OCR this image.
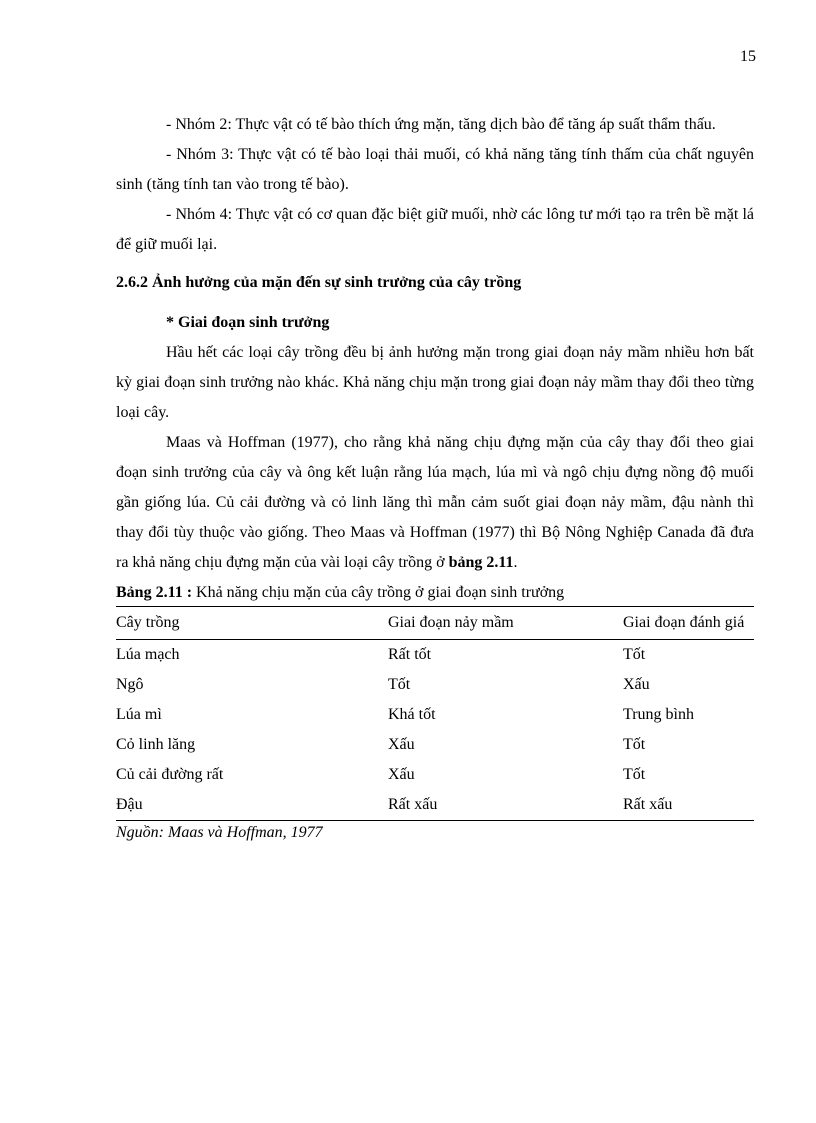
15

- Nhóm 2: Thực vật có tế bào thích ứng mặn, tăng dịch bào để tăng áp suất thẩm thấu.

- Nhóm 3: Thực vật có tế bào loại thải muối, có khả năng tăng tính thấm của chất nguyên sinh (tăng tính tan vào trong tế bào).

- Nhóm 4: Thực vật có cơ quan đặc biệt giữ muối, nhờ các lông tư mới tạo ra trên bề mặt lá để giữ muối lại.

2.6.2 Ảnh hưởng của mặn đến sự sinh trưởng của cây trồng
* Giai đoạn sinh trưởng

Hầu hết các loại cây trồng đều bị ảnh hưởng mặn trong giai đoạn nảy mầm nhiều hơn bất kỳ giai đoạn sinh trưởng nào khác. Khả năng chịu mặn trong giai đoạn nảy mầm thay đổi theo từng loại cây.

Maas và Hoffman (1977), cho rằng khả năng chịu đựng mặn của cây thay đổi theo giai đoạn sinh trưởng của cây và ông kết luận rằng lúa mạch, lúa mì và ngô chịu đựng nồng độ muối gần giống lúa. Củ cải đường và cỏ linh lăng thì mẫn cảm suốt giai đoạn nảy mầm, đậu nành thì thay đổi tùy thuộc vào giống. Theo Maas và Hoffman (1977) thì Bộ Nông Nghiệp Canada đã đưa ra khả năng chịu đựng mặn của vài loại cây trồng ở bảng 2.11.

Bảng 2.11 : Khả năng chịu mặn của cây trồng ở giai đoạn sinh trưởng
Cây trồng	Giai đoạn nảy mầm	Giai đoạn đánh giá
Lúa mạch	Rất tốt	Tốt
Ngô	Tốt	Xấu
Lúa mì	Khá tốt	Trung bình
Cỏ linh lăng	Xấu	Tốt
Củ cải đường rất	Xấu	Tốt
Đậu	Rất xấu	Rất xấu
Nguồn: Maas và Hoffman, 1977
